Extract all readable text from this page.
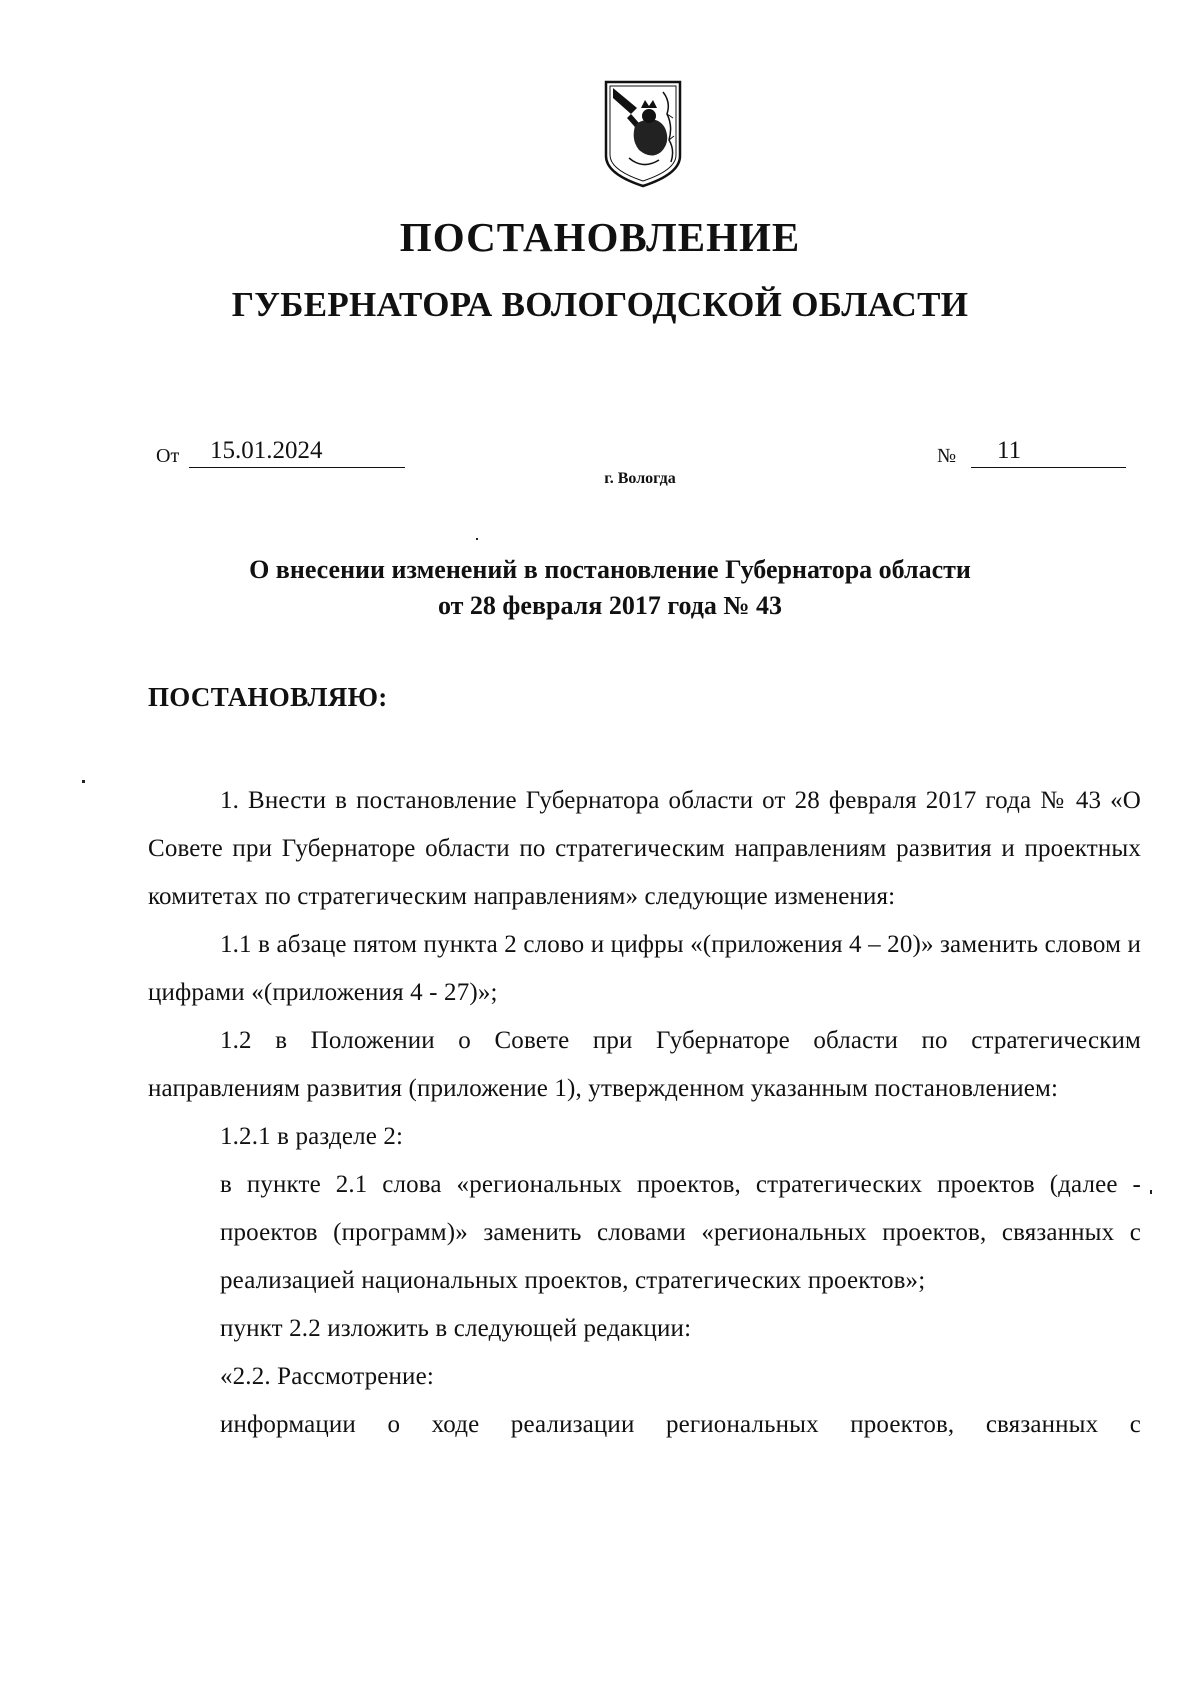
ПОСТАНОВЛЕНИЕ
ГУБЕРНАТОРА ВОЛОГОДСКОЙ ОБЛАСТИ
От 15.01.2024	№ 11
г. Вологда
О внесении изменений в постановление Губернатора области
от 28 февраля 2017 года № 43
ПОСТАНОВЛЯЮ:

1. Внести в постановление Губернатора области от 28 февраля 2017 года № 43 «О Совете при Губернаторе области по стратегическим направлениям развития и проектных комитетах по стратегическим направлениям» следующие изменения:

1.1 в абзаце пятом пункта 2 слово и цифры «(приложения 4 – 20)» заменить словом и цифрами «(приложения 4 - 27)»;

1.2 в Положении о Совете при Губернаторе области по стратегическим направлениям развития (приложение 1), утвержденном указанным постановлением:

1.2.1 в разделе 2:

в пункте 2.1 слова «региональных проектов, стратегических проектов (далее - проектов (программ)» заменить словами «региональных проектов, связанных с реализацией национальных проектов, стратегических проектов»;

пункт 2.2 изложить в следующей редакции:

«2.2. Рассмотрение:

информации о ходе реализации региональных проектов, связанных с
